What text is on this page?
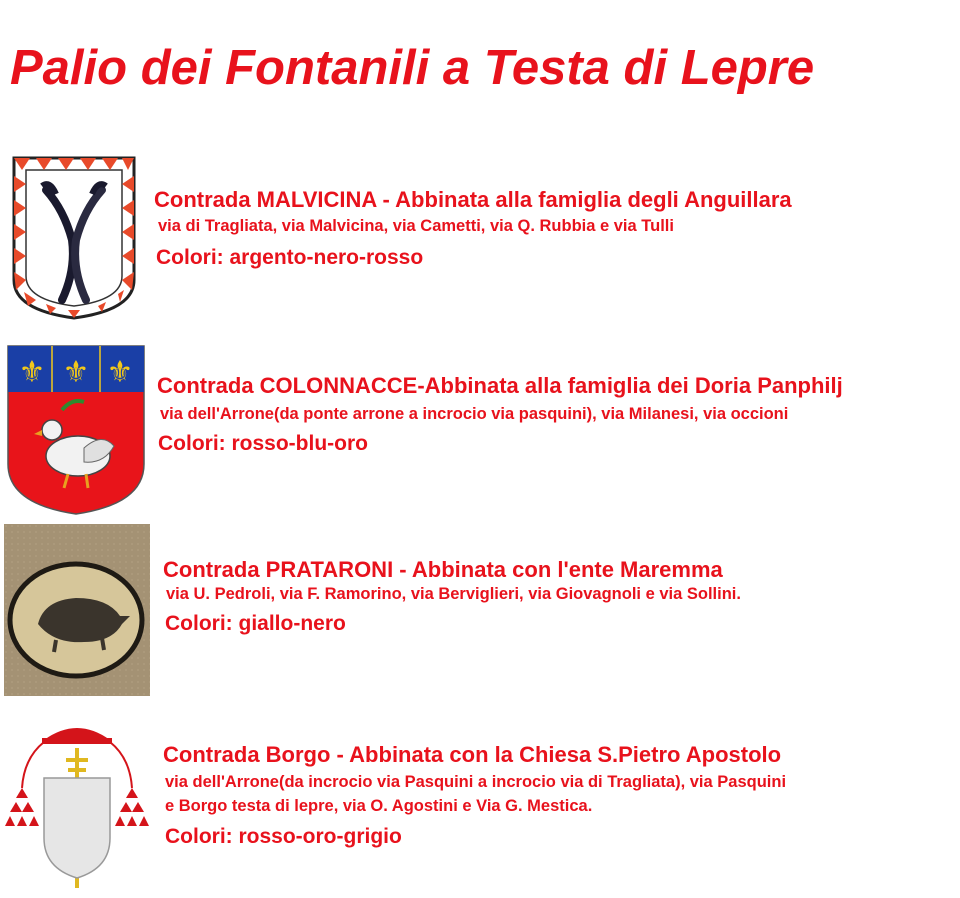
Palio dei Fontanili a Testa di Lepre
Contrada MALVICINA - Abbinata alla famiglia degli Anguillara
via di Tragliata, via Malvicina, via Cametti, via Q. Rubbia e via Tulli
Colori: argento-nero-rosso
⚜ ⚜ ⚜ Contrada COLONNACCE-Abbinata alla famiglia dei Doria Panphilj
via dell'Arrone(da ponte arrone a incrocio via pasquini), via Milanesi, via occioni
Colori: rosso-blu-oro
Contrada PRATARONI - Abbinata con l'ente Maremma
via U. Pedroli, via F. Ramorino, via Berviglieri, via Giovagnoli e via Sollini.
Colori: giallo-nero
Contrada Borgo - Abbinata con la Chiesa S.Pietro Apostolo
via dell'Arrone(da incrocio via Pasquini a incrocio via di Tragliata), via Pasquini
e Borgo testa di lepre, via O. Agostini e Via G. Mestica.
Colori: rosso-oro-grigio
